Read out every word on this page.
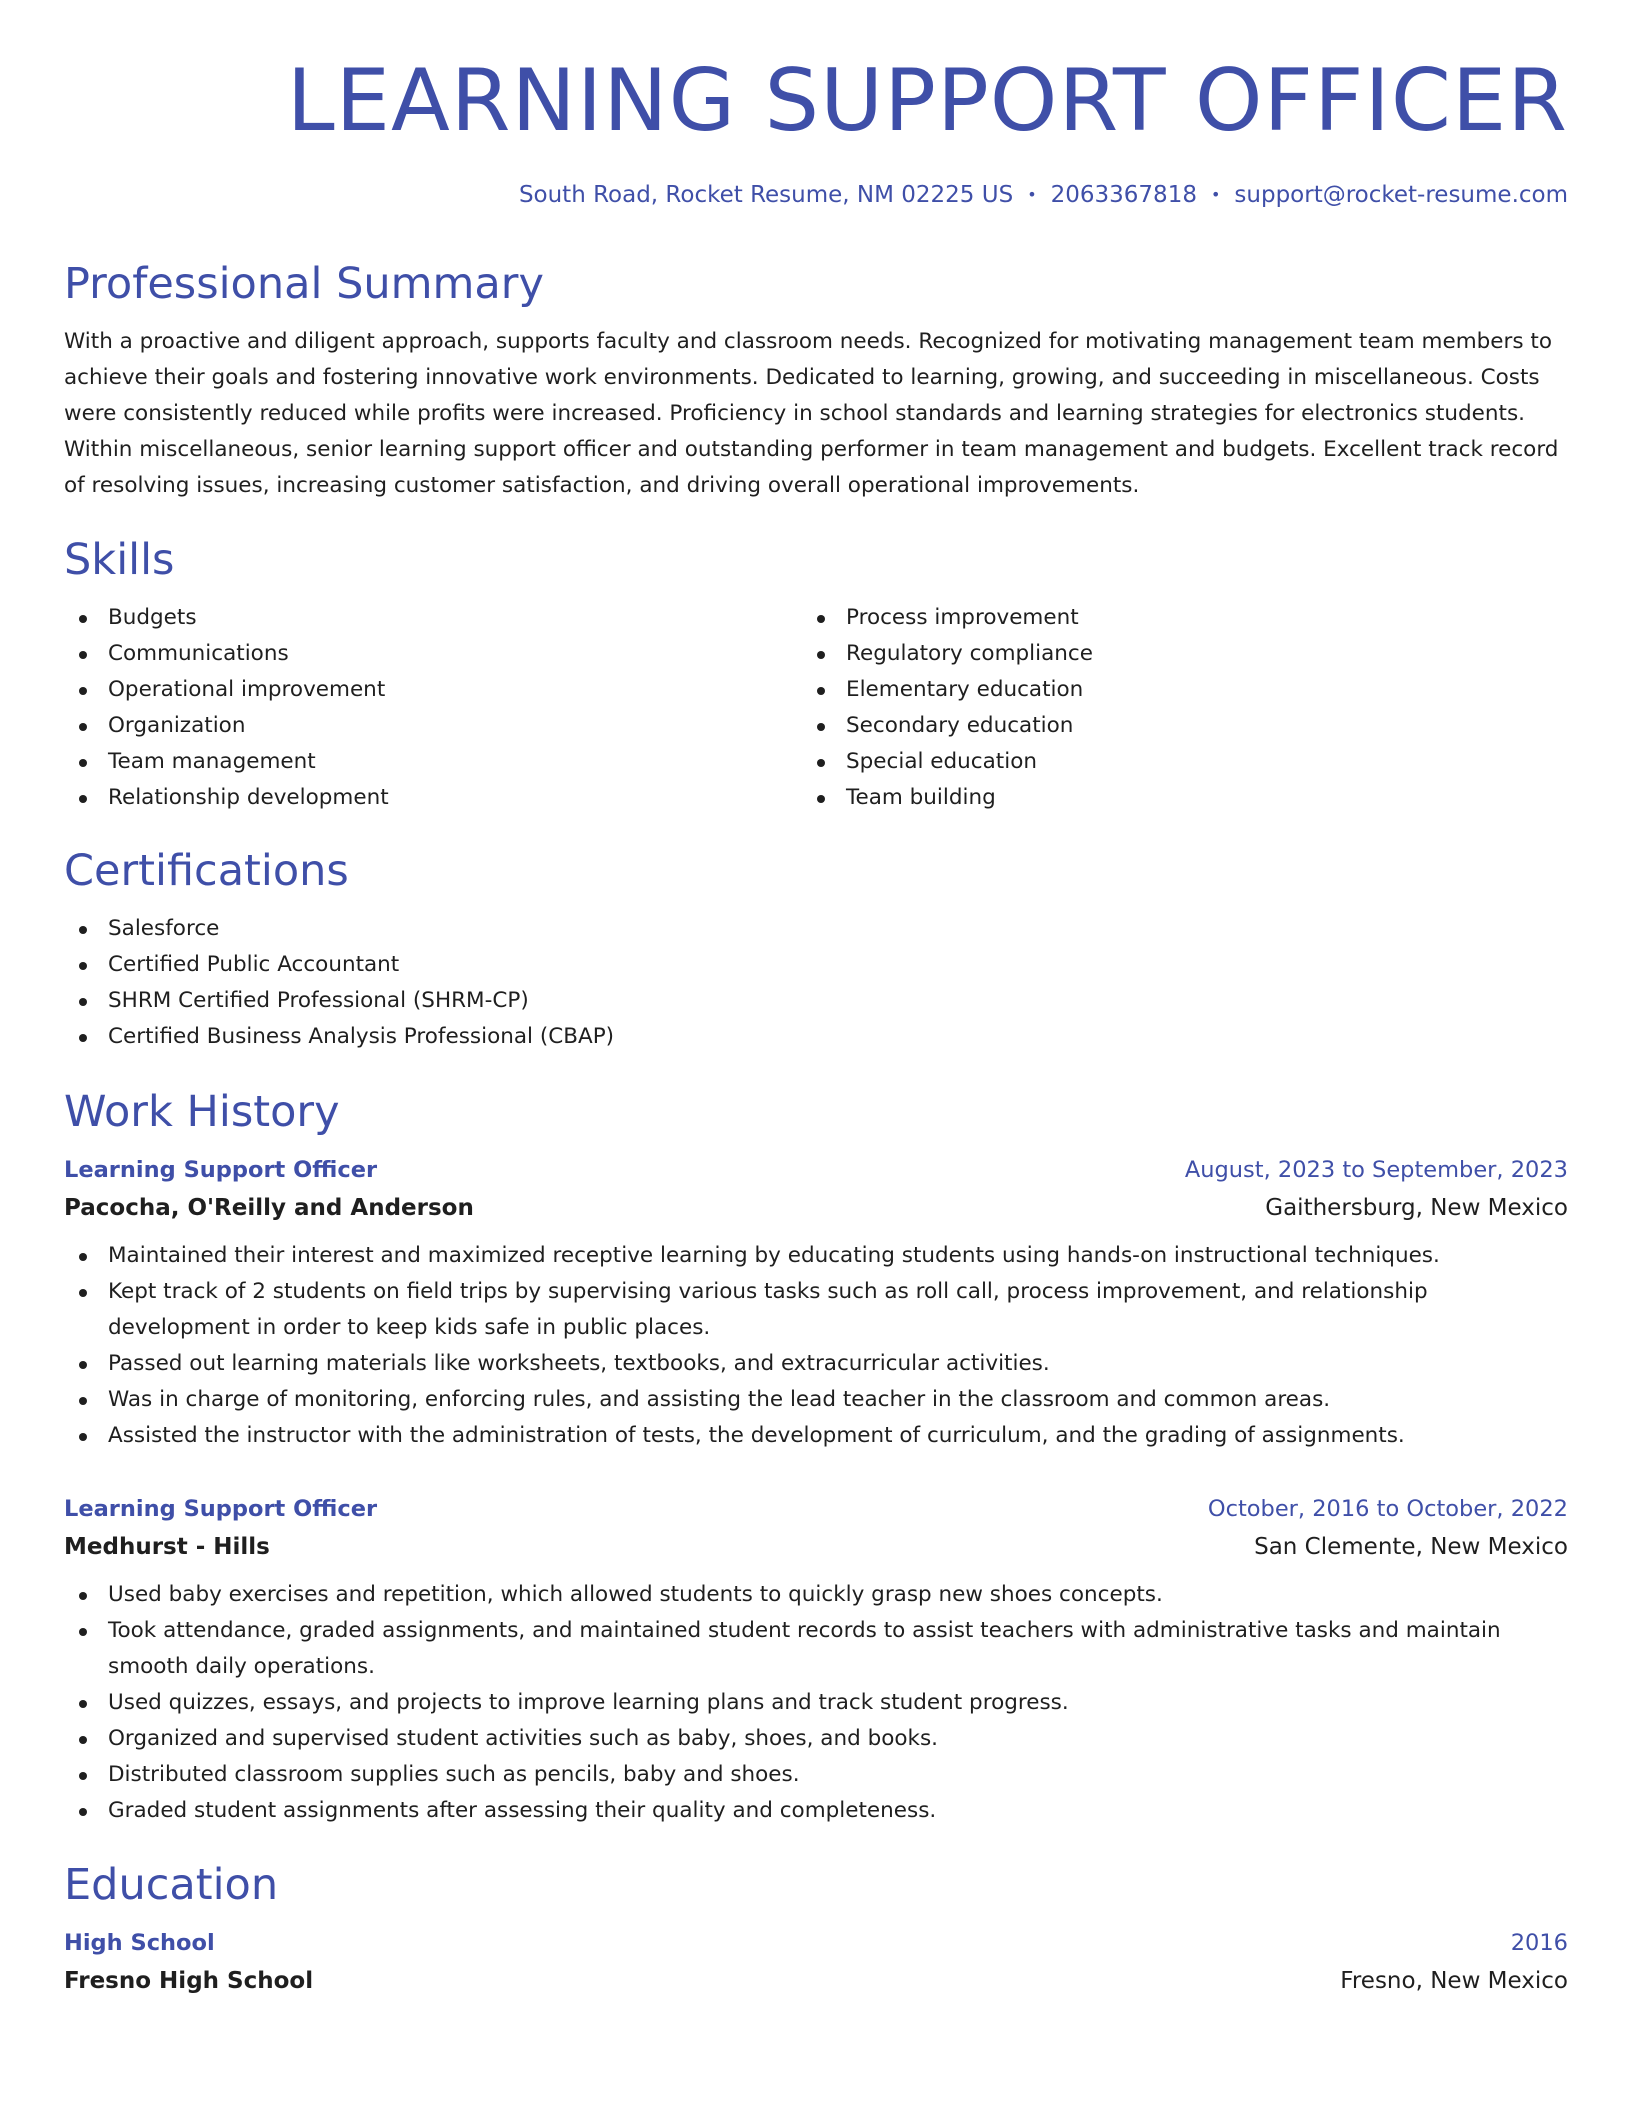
LEARNING SUPPORT OFFICER
South Road, Rocket Resume, NM 02225 US • 2063367818 • support@rocket-resume.com
Professional Summary

With a proactive and diligent approach, supports faculty and classroom needs. Recognized for motivating management team members to achieve their goals and fostering innovative work environments. Dedicated to learning, growing, and succeeding in miscellaneous. Costs were consistently reduced while profits were increased. Proficiency in school standards and learning strategies for electronics students. Within miscellaneous, senior learning support officer and outstanding performer in team management and budgets. Excellent track record of resolving issues, increasing customer satisfaction, and driving overall operational improvements.

Skills
Budgets
Communications
Operational improvement
Organization
Team management
Relationship development
Process improvement
Regulatory compliance
Elementary education
Secondary education
Special education
Team building
Certifications
Salesforce
Certified Public Accountant
SHRM Certified Professional (SHRM-CP)
Certified Business Analysis Professional (CBAP)
Work History
Learning Support Officer	August, 2023 to September, 2023
Pacocha, O'Reilly and Anderson	Gaithersburg, New Mexico
Maintained their interest and maximized receptive learning by educating students using hands-on instructional techniques.
Kept track of 2 students on field trips by supervising various tasks such as roll call, process improvement, and relationship development in order to keep kids safe in public places.
Passed out learning materials like worksheets, textbooks, and extracurricular activities.
Was in charge of monitoring, enforcing rules, and assisting the lead teacher in the classroom and common areas.
Assisted the instructor with the administration of tests, the development of curriculum, and the grading of assignments.
Learning Support Officer	October, 2016 to October, 2022
Medhurst - Hills	San Clemente, New Mexico
Used baby exercises and repetition, which allowed students to quickly grasp new shoes concepts.
Took attendance, graded assignments, and maintained student records to assist teachers with administrative tasks and maintain smooth daily operations.
Used quizzes, essays, and projects to improve learning plans and track student progress.
Organized and supervised student activities such as baby, shoes, and books.
Distributed classroom supplies such as pencils, baby and shoes.
Graded student assignments after assessing their quality and completeness.
Education
High School	2016
Fresno High School	Fresno, New Mexico
